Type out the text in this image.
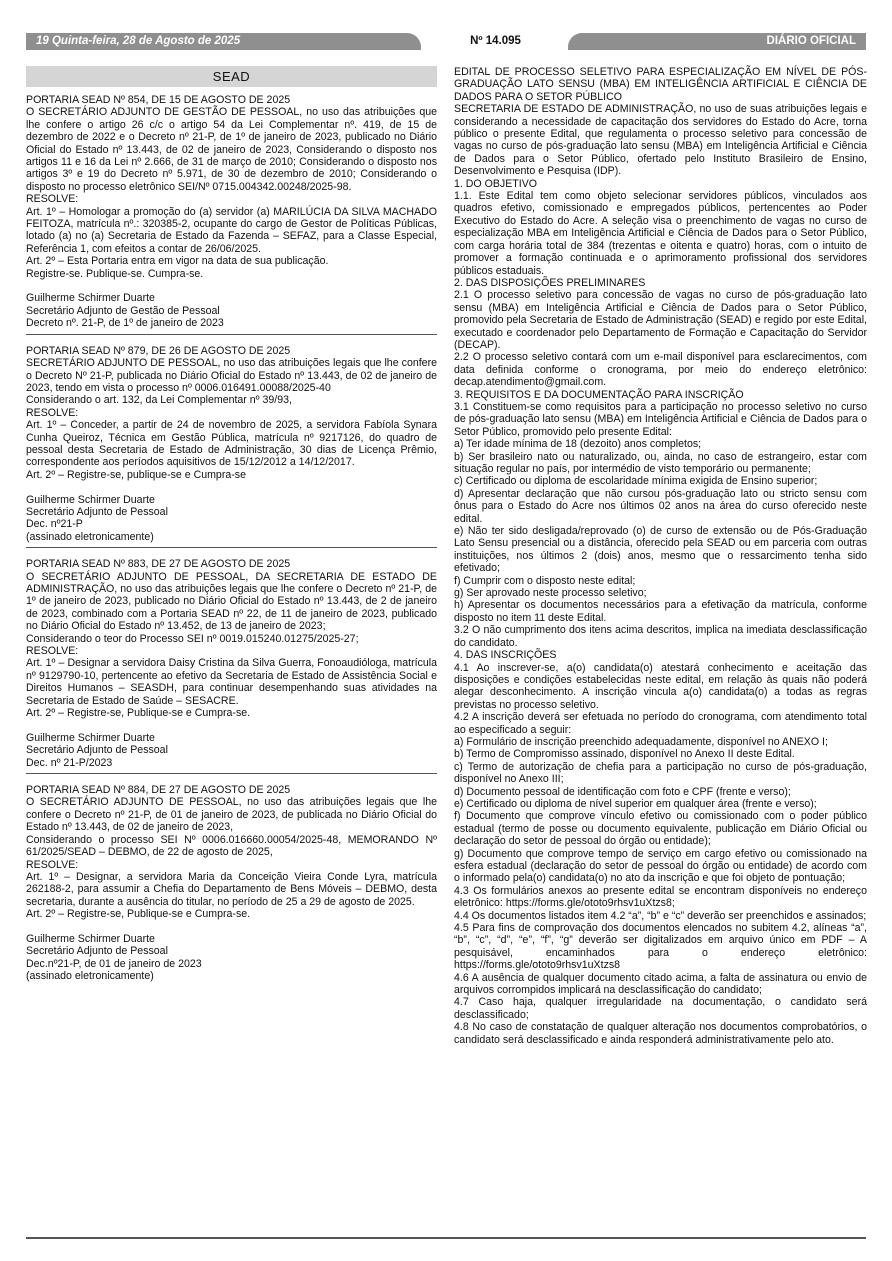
19 Quinta-feira, 28 de Agosto de 2025	Nº 14.095	DIÁRIO OFICIAL
SEAD

PORTARIA SEAD Nº 854, DE 15 DE AGOSTO DE 2025

O SECRETÁRIO ADJUNTO DE GESTÃO DE PESSOAL, no uso das atribuições que lhe confere o artigo 26 c/c o artigo 54 da Lei Complementar nº. 419, de 15 de dezembro de 2022 e o Decreto nº 21-P, de 1º de janeiro de 2023, publicado no Diário Oficial do Estado nº 13.443, de 02 de janeiro de 2023, Considerando o disposto nos artigos 11 e 16 da Lei nº 2.666, de 31 de março de 2010; Considerando o disposto nos artigos 3º e 19 do Decreto nº 5.971, de 30 de dezembro de 2010; Considerando o disposto no processo eletrônico SEI/Nº 0715.004342.00248/2025-98.

RESOLVE:

Art. 1º – Homologar a promoção do (a) servidor (a) MARILÚCIA DA SILVA MACHADO FEITOZA, matrícula nº.: 320385-2, ocupante do cargo de Gestor de Políticas Públicas, lotado (a) no (a) Secretaria de Estado da Fazenda – SEFAZ, para a Classe Especial, Referência 1, com efeitos a contar de 26/06/2025.

Art. 2º – Esta Portaria entra em vigor na data de sua publicação.

Registre-se. Publique-se. Cumpra-se.

Guilherme Schirmer Duarte

Secretário Adjunto de Gestão de Pessoal

Decreto nº. 21-P, de 1º de janeiro de 2023

PORTARIA SEAD Nº 879, DE 26 DE AGOSTO DE 2025

SECRETÁRIO ADJUNTO DE PESSOAL, no uso das atribuições legais que lhe confere o Decreto Nº 21-P, publicada no Diário Oficial do Estado nº 13.443, de 02 de janeiro de 2023, tendo em vista o processo nº 0006.016491.00088/2025-40

Considerando o art. 132, da Lei Complementar nº 39/93,

RESOLVE:

Art. 1º – Conceder, a partir de 24 de novembro de 2025, a servidora Fabíola Synara Cunha Queiroz, Técnica em Gestão Pública, matrícula nº 9217126, do quadro de pessoal desta Secretaria de Estado de Administração, 30 dias de Licença Prêmio, correspondente aos períodos aquisitivos de 15/12/2012 a 14/12/2017.

Art. 2º – Registre-se, publique-se e Cumpra-se

Guilherme Schirmer Duarte

Secretário Adjunto de Pessoal

Dec. nº21-P

(assinado eletronicamente)

PORTARIA SEAD Nº 883, DE 27 DE AGOSTO DE 2025

O SECRETÁRIO ADJUNTO DE PESSOAL, DA SECRETARIA DE ESTADO DE ADMINISTRAÇÃO, no uso das atribuições legais que lhe confere o Decreto nº 21-P, de 1º de janeiro de 2023, publicado no Diário Oficial do Estado nº 13.443, de 2 de janeiro de 2023, combinado com a Portaria SEAD nº 22, de 11 de janeiro de 2023, publicado no Diário Oficial do Estado nº 13.452, de 13 de janeiro de 2023;

Considerando o teor do Processo SEI nº 0019.015240.01275/2025-27;

RESOLVE:

Art. 1º – Designar a servidora Daisy Cristina da Silva Guerra, Fonoaudióloga, matrícula nº 9129790-10, pertencente ao efetivo da Secretaria de Estado de Assistência Social e Direitos Humanos – SEASDH, para continuar desempenhando suas atividades na Secretaria de Estado de Saúde – SESACRE.

Art. 2º – Registre-se, Publique-se e Cumpra-se.

Guilherme Schirmer Duarte

Secretário Adjunto de Pessoal

Dec. nº 21-P/2023

PORTARIA SEAD Nº 884, DE 27 DE AGOSTO DE 2025

O SECRETÁRIO ADJUNTO DE PESSOAL, no uso das atribuições legais que lhe confere o Decreto nº 21-P, de 01 de janeiro de 2023, de publicada no Diário Oficial do Estado nº 13.443, de 02 de janeiro de 2023,

Considerando o processo SEI Nº 0006.016660.00054/2025-48, MEMORANDO Nº 61/2025/SEAD – DEBMO, de 22 de agosto de 2025,

RESOLVE:

Art. 1º – Designar, a servidora Maria da Conceição Vieira Conde Lyra, matrícula 262188-2, para assumir a Chefia do Departamento de Bens Móveis – DEBMO, desta secretaria, durante a ausência do titular, no período de 25 a 29 de agosto de 2025.

Art. 2º – Registre-se, Publique-se e Cumpra-se.

Guilherme Schirmer Duarte

Secretário Adjunto de Pessoal

Dec.nº21-P, de 01 de janeiro de 2023

(assinado eletronicamente)

EDITAL DE PROCESSO SELETIVO PARA ESPECIALIZAÇÃO EM NÍVEL DE PÓS-GRADUAÇÃO LATO SENSU (MBA) EM INTELIGÊNCIA ARTIFICIAL E CIÊNCIA DE DADOS PARA O SETOR PÚBLICO

SECRETARIA DE ESTADO DE ADMINISTRAÇÃO, no uso de suas atribuições legais e considerando a necessidade de capacitação dos servidores do Estado do Acre, torna público o presente Edital, que regulamenta o processo seletivo para concessão de vagas no curso de pós-graduação lato sensu (MBA) em Inteligência Artificial e Ciência de Dados para o Setor Público, ofertado pelo Instituto Brasileiro de Ensino, Desenvolvimento e Pesquisa (IDP).

1. DO OBJETIVO

1.1. Este Edital tem como objeto selecionar servidores públicos, vinculados aos quadros efetivo, comissionado e empregados públicos, pertencentes ao Poder Executivo do Estado do Acre. A seleção visa o preenchimento de vagas no curso de especialização MBA em Inteligência Artificial e Ciência de Dados para o Setor Público, com carga horária total de 384 (trezentas e oitenta e quatro) horas, com o intuito de promover a formação continuada e o aprimoramento profissional dos servidores públicos estaduais.

2. DAS DISPOSIÇÕES PRELIMINARES

2.1 O processo seletivo para concessão de vagas no curso de pós-graduação lato sensu (MBA) em Inteligência Artificial e Ciência de Dados para o Setor Público, promovido pela Secretaria de Estado de Administração (SEAD) e regido por este Edital, executado e coordenador pelo Departamento de Formação e Capacitação do Servidor (DECAP).

2.2 O processo seletivo contará com um e-mail disponível para esclarecimentos, com data definida conforme o cronograma, por meio do endereço eletrônico: decap.atendimento@gmail.com.

3. REQUISITOS E DA DOCUMENTAÇÃO PARA INSCRIÇÃO

3.1 Constituem-se como requisitos para a participação no processo seletivo no curso de pós-graduação lato sensu (MBA) em Inteligência Artificial e Ciência de Dados para o Setor Público, promovido pelo presente Edital:

a) Ter idade mínima de 18 (dezoito) anos completos;

b) Ser brasileiro nato ou naturalizado, ou, ainda, no caso de estrangeiro, estar com situação regular no país, por intermédio de visto temporário ou permanente;

c) Certificado ou diploma de escolaridade mínima exigida de Ensino superior;

d) Apresentar declaração que não cursou pós-graduação lato ou stricto sensu com ônus para o Estado do Acre nos últimos 02 anos na área do curso oferecido neste edital.

e) Não ter sido desligada/reprovado (o) de curso de extensão ou de Pós-Graduação Lato Sensu presencial ou a distância, oferecido pela SEAD ou em parceria com outras instituições, nos últimos 2 (dois) anos, mesmo que o ressarcimento tenha sido efetivado;

f) Cumprir com o disposto neste edital;

g) Ser aprovado neste processo seletivo;

h) Apresentar os documentos necessários para a efetivação da matrícula, conforme disposto no item 11 deste Edital.

3.2 O não cumprimento dos itens acima descritos, implica na imediata desclassificação do candidato.

4. DAS INSCRIÇÕES

4.1 Ao inscrever-se, a(o) candidata(o) atestará conhecimento e aceitação das disposições e condições estabelecidas neste edital, em relação às quais não poderá alegar desconhecimento. A inscrição vincula a(o) candidata(o) a todas as regras previstas no processo seletivo.

4.2 A inscrição deverá ser efetuada no período do cronograma, com atendimento total ao especificado a seguir:

a) Formulário de inscrição preenchido adequadamente, disponível no ANEXO I;

b) Termo de Compromisso assinado, disponível no Anexo II deste Edital.

c) Termo de autorização de chefia para a participação no curso de pós-graduação, disponível no Anexo III;

d) Documento pessoal de identificação com foto e CPF (frente e verso);

e) Certificado ou diploma de nível superior em qualquer área (frente e verso);

f) Documento que comprove vínculo efetivo ou comissionado com o poder público estadual (termo de posse ou documento equivalente, publicação em Diário Oficial ou declaração do setor de pessoal do órgão ou entidade);

g) Documento que comprove tempo de serviço em cargo efetivo ou comissionado na esfera estadual (declaração do setor de pessoal do órgão ou entidade) de acordo com o informado pela(o) candidata(o) no ato da inscrição e que foi objeto de pontuação;

4.3 Os formulários anexos ao presente edital se encontram disponíveis no endereço eletrônico: https://forms.gle/ototo9rhsv1uXtzs8;

4.4 Os documentos listados item 4.2 “a”, “b” e “c” deverão ser preenchidos e assinados;

4.5 Para fins de comprovação dos documentos elencados no subitem 4.2, alíneas “a”, “b”, “c”, “d”, “e”, “f”, “g” deverão ser digitalizados em arquivo único em PDF – A pesquisável, encaminhados para o endereço eletrônico: https://forms.gle/ototo9rhsv1uXtzs8

4.6 A ausência de qualquer documento citado acima, a falta de assinatura ou envio de arquivos corrompidos implicará na desclassificação do candidato;

4.7 Caso haja, qualquer irregularidade na documentação, o candidato será desclassificado;

4.8 No caso de constatação de qualquer alteração nos documentos comprobatórios, o candidato será desclassificado e ainda responderá administrativamente pelo ato.
